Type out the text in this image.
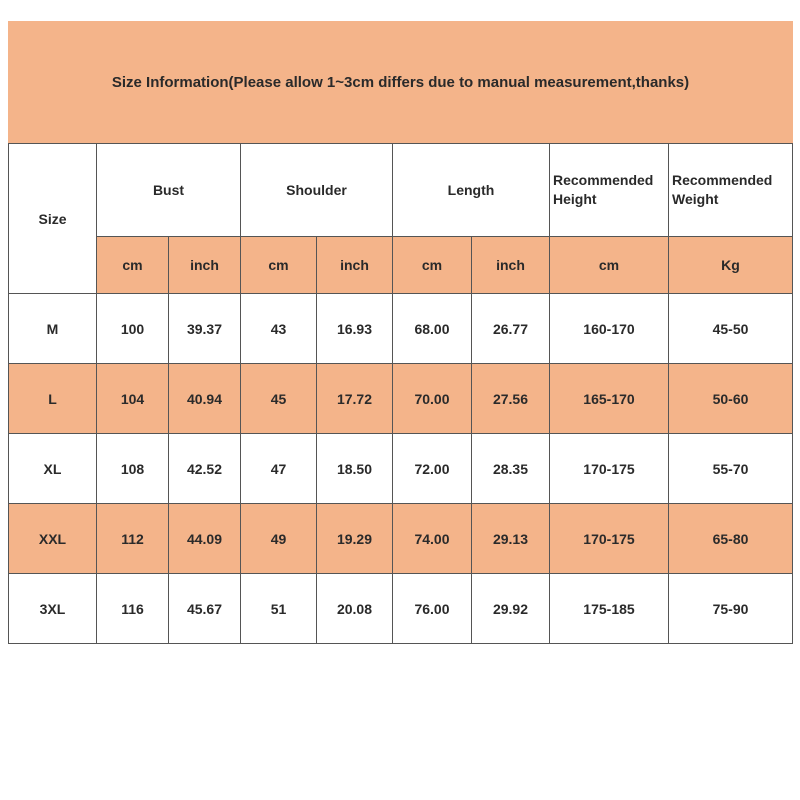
Size Information(Please allow 1~3cm differs due to manual measurement,thanks)								
Size	Bust		Shoulder		Length		Recommended Height	Recommended Weight
	cm	inch	cm	inch	cm	inch	cm	Kg
M	100	39.37	43	16.93	68.00	26.77	160-170	45-50
L	104	40.94	45	17.72	70.00	27.56	165-170	50-60
XL	108	42.52	47	18.50	72.00	28.35	170-175	55-70
XXL	112	44.09	49	19.29	74.00	29.13	170-175	65-80
3XL	116	45.67	51	20.08	76.00	29.92	175-185	75-90
